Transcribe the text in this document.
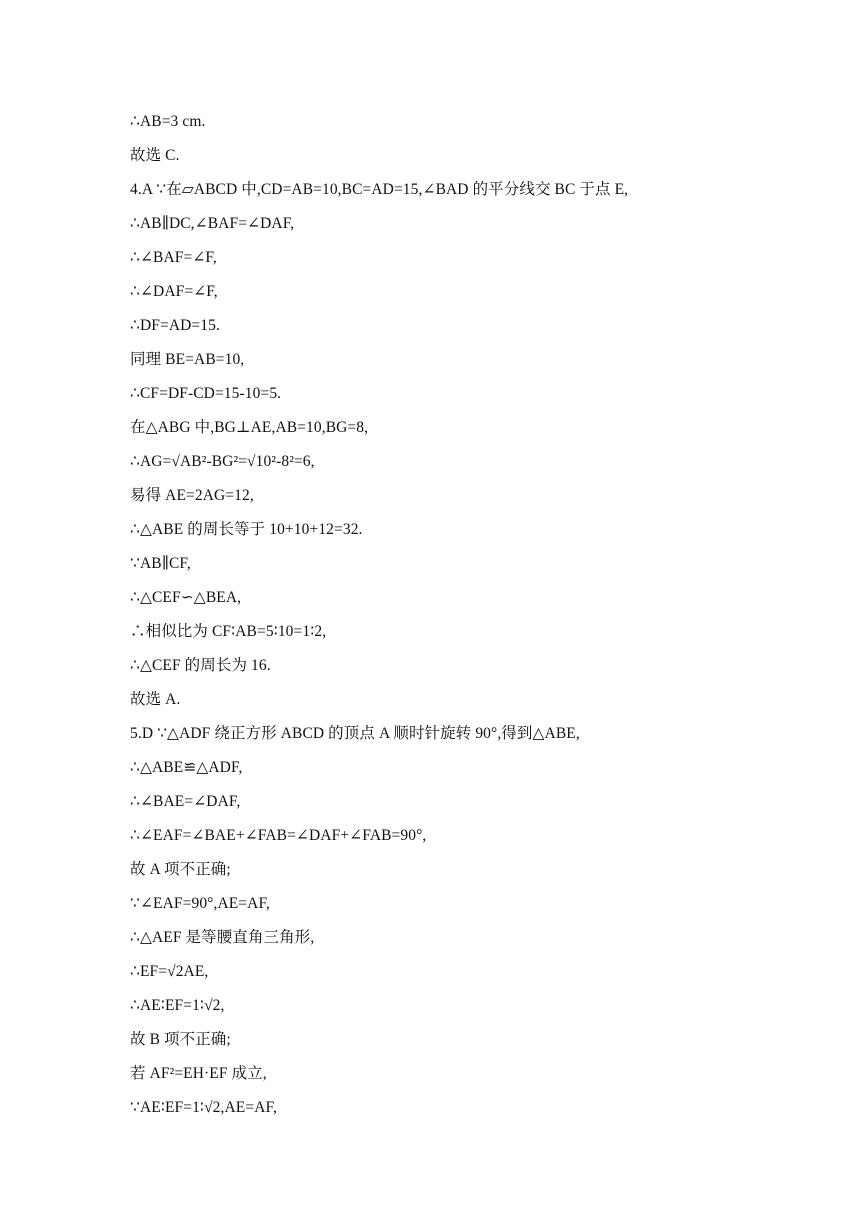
∴AB=3 cm.
故选 C.
4.A ∵在▱ABCD 中,CD=AB=10,BC=AD=15,∠BAD 的平分线交 BC 于点 E,
∴AB∥DC,∠BAF=∠DAF,
∴∠BAF=∠F,
∴∠DAF=∠F,
∴DF=AD=15.
同理 BE=AB=10,
∴CF=DF-CD=15-10=5.
在△ABG 中,BG⊥AE,AB=10,BG=8,
∴AG=√AB²-BG²=√10²-8²=6,
易得 AE=2AG=12,
∴△ABE 的周长等于 10+10+12=32.
∵AB∥CF,
∴△CEF∽△BEA,
∴相似比为 CF∶AB=5∶10=1∶2,
∴△CEF 的周长为 16.
故选 A.
5.D ∵△ADF 绕正方形 ABCD 的顶点 A 顺时针旋转 90°,得到△ABE,
∴△ABE≌△ADF,
∴∠BAE=∠DAF,
∴∠EAF=∠BAE+∠FAB=∠DAF+∠FAB=90°,
故 A 项不正确;
∵∠EAF=90°,AE=AF,
∴△AEF 是等腰直角三角形,
∴EF=√2AE,
∴AE∶EF=1∶√2,
故 B 项不正确;
若 AF²=EH·EF 成立,
∵AE∶EF=1∶√2,AE=AF,
